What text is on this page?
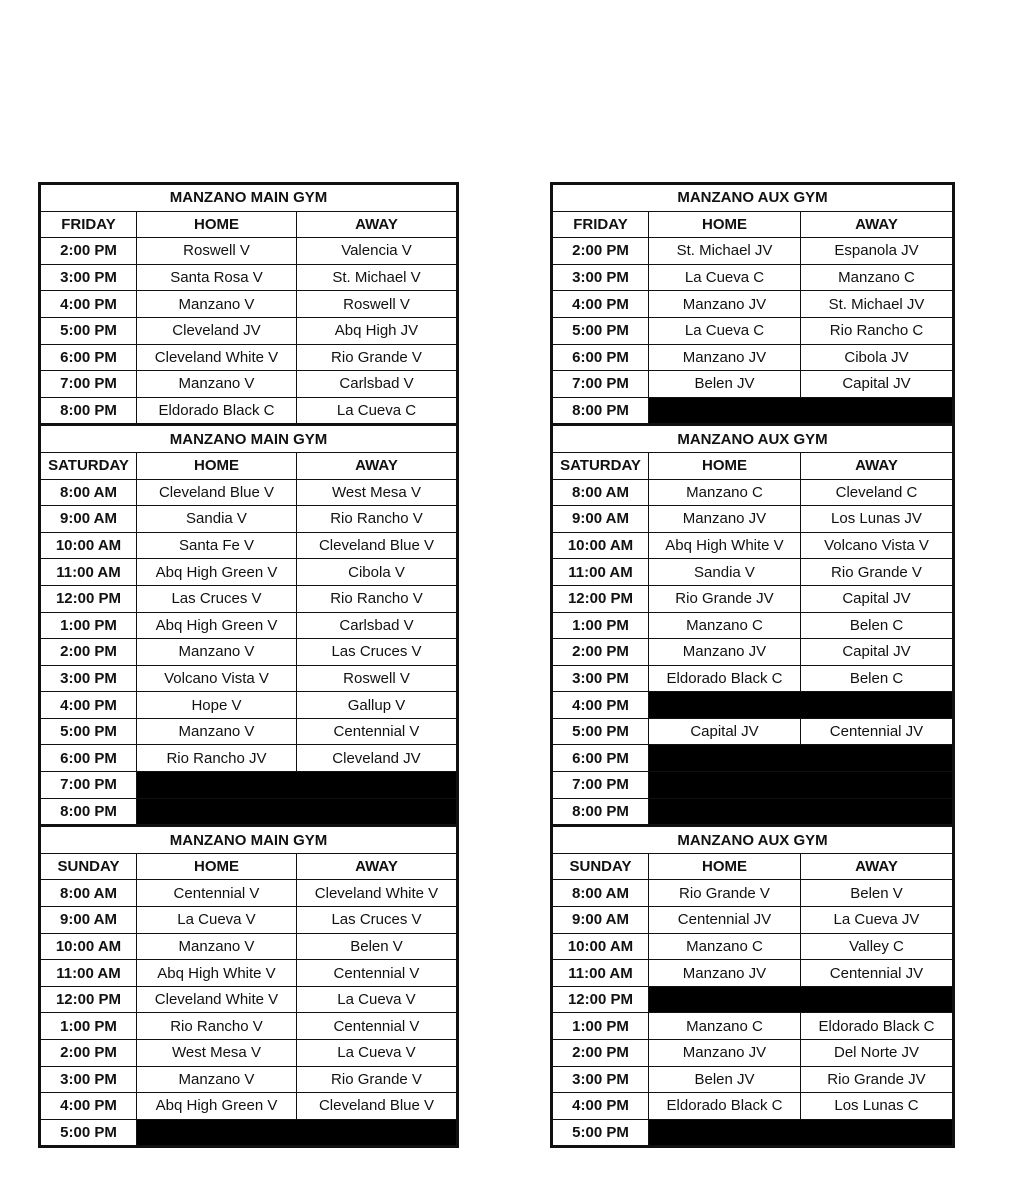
MANZANO MAIN GYM		
FRIDAY	HOME	AWAY
2:00 PM	Roswell V	Valencia V
3:00 PM	Santa Rosa V	St. Michael V
4:00 PM	Manzano V	Roswell V
5:00 PM	Cleveland JV	Abq High JV
6:00 PM	Cleveland White V	Rio Grande V
7:00 PM	Manzano V	Carlsbad V
8:00 PM	Eldorado Black C	La Cueva C
MANZANO MAIN GYM		
SATURDAY	HOME	AWAY
8:00 AM	Cleveland Blue V	West Mesa V
9:00 AM	Sandia V	Rio Rancho V
10:00 AM	Santa Fe V	Cleveland Blue V
11:00 AM	Abq High Green V	Cibola V
12:00 PM	Las Cruces V	Rio Rancho V
1:00 PM	Abq High Green V	Carlsbad V
2:00 PM	Manzano V	Las Cruces V
3:00 PM	Volcano Vista V	Roswell V
4:00 PM	Hope V	Gallup V
5:00 PM	Manzano V	Centennial V
6:00 PM	Rio Rancho JV	Cleveland JV
7:00 PM		
8:00 PM		
MANZANO MAIN GYM		
SUNDAY	HOME	AWAY
8:00 AM	Centennial V	Cleveland White V
9:00 AM	La Cueva V	Las Cruces V
10:00 AM	Manzano V	Belen V
11:00 AM	Abq High White V	Centennial V
12:00 PM	Cleveland White V	La Cueva V
1:00 PM	Rio Rancho V	Centennial V
2:00 PM	West Mesa V	La Cueva V
3:00 PM	Manzano V	Rio Grande V
4:00 PM	Abq High Green V	Cleveland Blue V
5:00 PM		
MANZANO AUX GYM		
FRIDAY	HOME	AWAY
2:00 PM	St. Michael JV	Espanola JV
3:00 PM	La Cueva C	Manzano C
4:00 PM	Manzano JV	St. Michael JV
5:00 PM	La Cueva C	Rio Rancho C
6:00 PM	Manzano JV	Cibola JV
7:00 PM	Belen JV	Capital JV
8:00 PM		
MANZANO AUX GYM		
SATURDAY	HOME	AWAY
8:00 AM	Manzano C	Cleveland C
9:00 AM	Manzano JV	Los Lunas JV
10:00 AM	Abq High White V	Volcano Vista V
11:00 AM	Sandia V	Rio Grande V
12:00 PM	Rio Grande JV	Capital JV
1:00 PM	Manzano C	Belen C
2:00 PM	Manzano JV	Capital JV
3:00 PM	Eldorado Black C	Belen C
4:00 PM		
5:00 PM	Capital JV	Centennial JV
6:00 PM		
7:00 PM		
8:00 PM		
MANZANO AUX GYM		
SUNDAY	HOME	AWAY
8:00 AM	Rio Grande V	Belen V
9:00 AM	Centennial JV	La Cueva JV
10:00 AM	Manzano C	Valley C
11:00 AM	Manzano JV	Centennial JV
12:00 PM		
1:00 PM	Manzano C	Eldorado Black C
2:00 PM	Manzano JV	Del Norte JV
3:00 PM	Belen JV	Rio Grande JV
4:00 PM	Eldorado Black C	Los Lunas C
5:00 PM		
